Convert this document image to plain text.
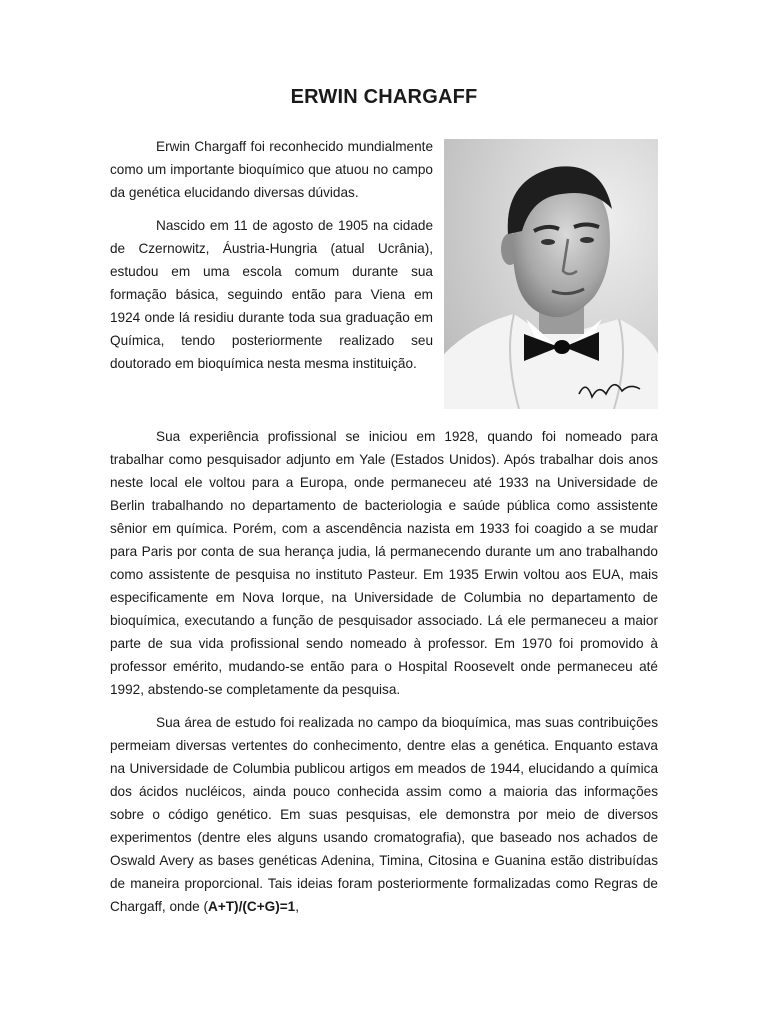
ERWIN CHARGAFF

Erwin Chargaff foi reconhecido mundialmente como um importante bioquímico que atuou no campo da genética elucidando diversas dúvidas.

Nascido em 11 de agosto de 1905 na cidade de Czernowitz, Áustria-Hungria (atual Ucrânia), estudou em uma escola comum durante sua formação básica, seguindo então para Viena em 1924 onde lá residiu durante toda sua graduação em Química, tendo posteriormente realizado seu doutorado em bioquímica nesta mesma instituição.

Sua experiência profissional se iniciou em 1928, quando foi nomeado para trabalhar como pesquisador adjunto em Yale (Estados Unidos). Após trabalhar dois anos neste local ele voltou para a Europa, onde permaneceu até 1933 na Universidade de Berlin trabalhando no departamento de bacteriologia e saúde pública como assistente sênior em química. Porém, com a ascendência nazista em 1933 foi coagido a se mudar para Paris por conta de sua herança judia, lá permanecendo durante um ano trabalhando como assistente de pesquisa no instituto Pasteur. Em 1935 Erwin voltou aos EUA, mais especificamente em Nova Iorque, na Universidade de Columbia no departamento de bioquímica, executando a função de pesquisador associado. Lá ele permaneceu a maior parte de sua vida profissional sendo nomeado à professor. Em 1970 foi promovido à professor emérito, mudando-se então para o Hospital Roosevelt onde permaneceu até 1992, abstendo-se completamente da pesquisa.

Sua área de estudo foi realizada no campo da bioquímica, mas suas contribuições permeiam diversas vertentes do conhecimento, dentre elas a genética. Enquanto estava na Universidade de Columbia publicou artigos em meados de 1944, elucidando a química dos ácidos nucléicos, ainda pouco conhecida assim como a maioria das informações sobre o código genético. Em suas pesquisas, ele demonstra por meio de diversos experimentos (dentre eles alguns usando cromatografia), que baseado nos achados de Oswald Avery as bases genéticas Adenina, Timina, Citosina e Guanina estão distribuídas de maneira proporcional. Tais ideias foram posteriormente formalizadas como Regras de Chargaff, onde (A+T)/(C+G)=1,
